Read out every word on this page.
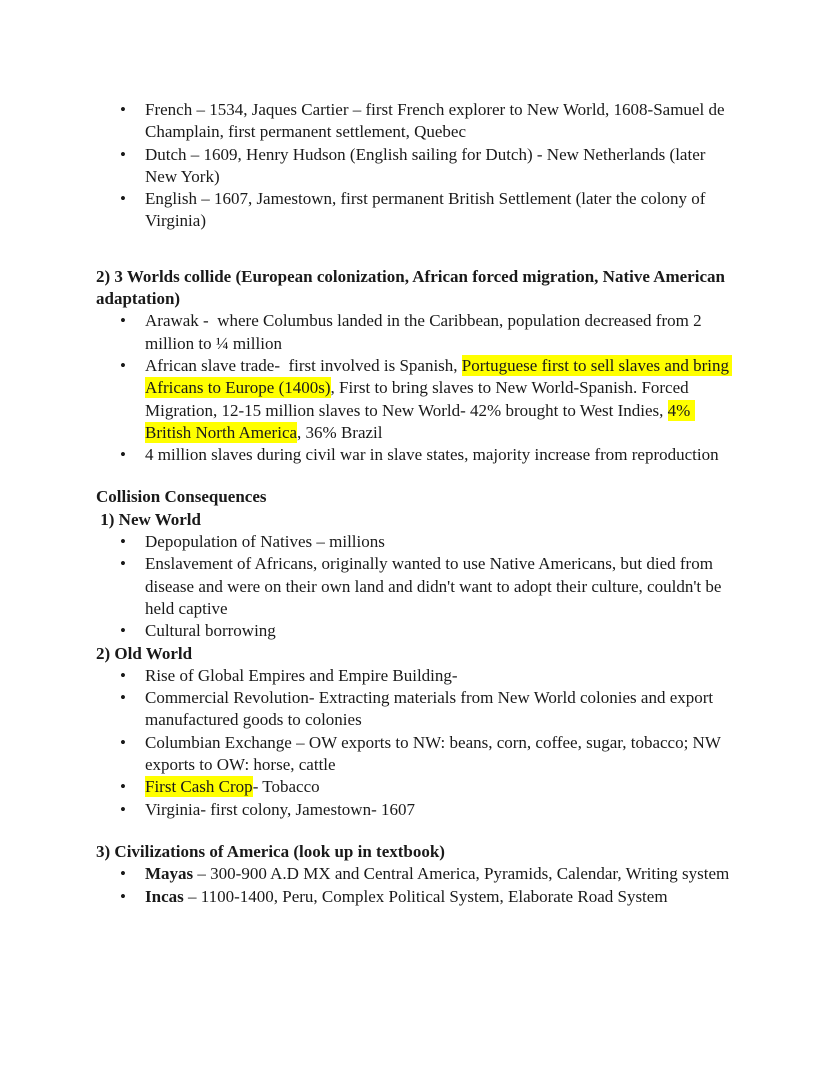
• French – 1534, Jaques Cartier – first French explorer to New World, 1608-Samuel de Champlain, first permanent settlement, Quebec
• Dutch – 1609, Henry Hudson (English sailing for Dutch) - New Netherlands (later New York)
• English – 1607, Jamestown, first permanent British Settlement (later the colony of Virginia)
2) 3 Worlds collide (European colonization, African forced migration, Native American adaptation)
• Arawak -  where Columbus landed in the Caribbean, population decreased from 2 million to ¼ million
• African slave trade-  first involved is Spanish, Portuguese first to sell slaves and bring Africans to Europe (1400s), First to bring slaves to New World-Spanish. Forced Migration, 12-15 million slaves to New World- 42% brought to West Indies, 4% British North America, 36% Brazil
• 4 million slaves during civil war in slave states, majority increase from reproduction
Collision Consequences
1) New World
• Depopulation of Natives – millions
• Enslavement of Africans, originally wanted to use Native Americans, but died from disease and were on their own land and didn't want to adopt their culture, couldn't be held captive
• Cultural borrowing
2) Old World
• Rise of Global Empires and Empire Building-
• Commercial Revolution- Extracting materials from New World colonies and export manufactured goods to colonies
• Columbian Exchange – OW exports to NW: beans, corn, coffee, sugar, tobacco; NW exports to OW: horse, cattle
• First Cash Crop- Tobacco
• Virginia- first colony, Jamestown- 1607
3) Civilizations of America (look up in textbook)
• Mayas – 300-900 A.D MX and Central America, Pyramids, Calendar, Writing system
• Incas – 1100-1400, Peru, Complex Political System, Elaborate Road System
